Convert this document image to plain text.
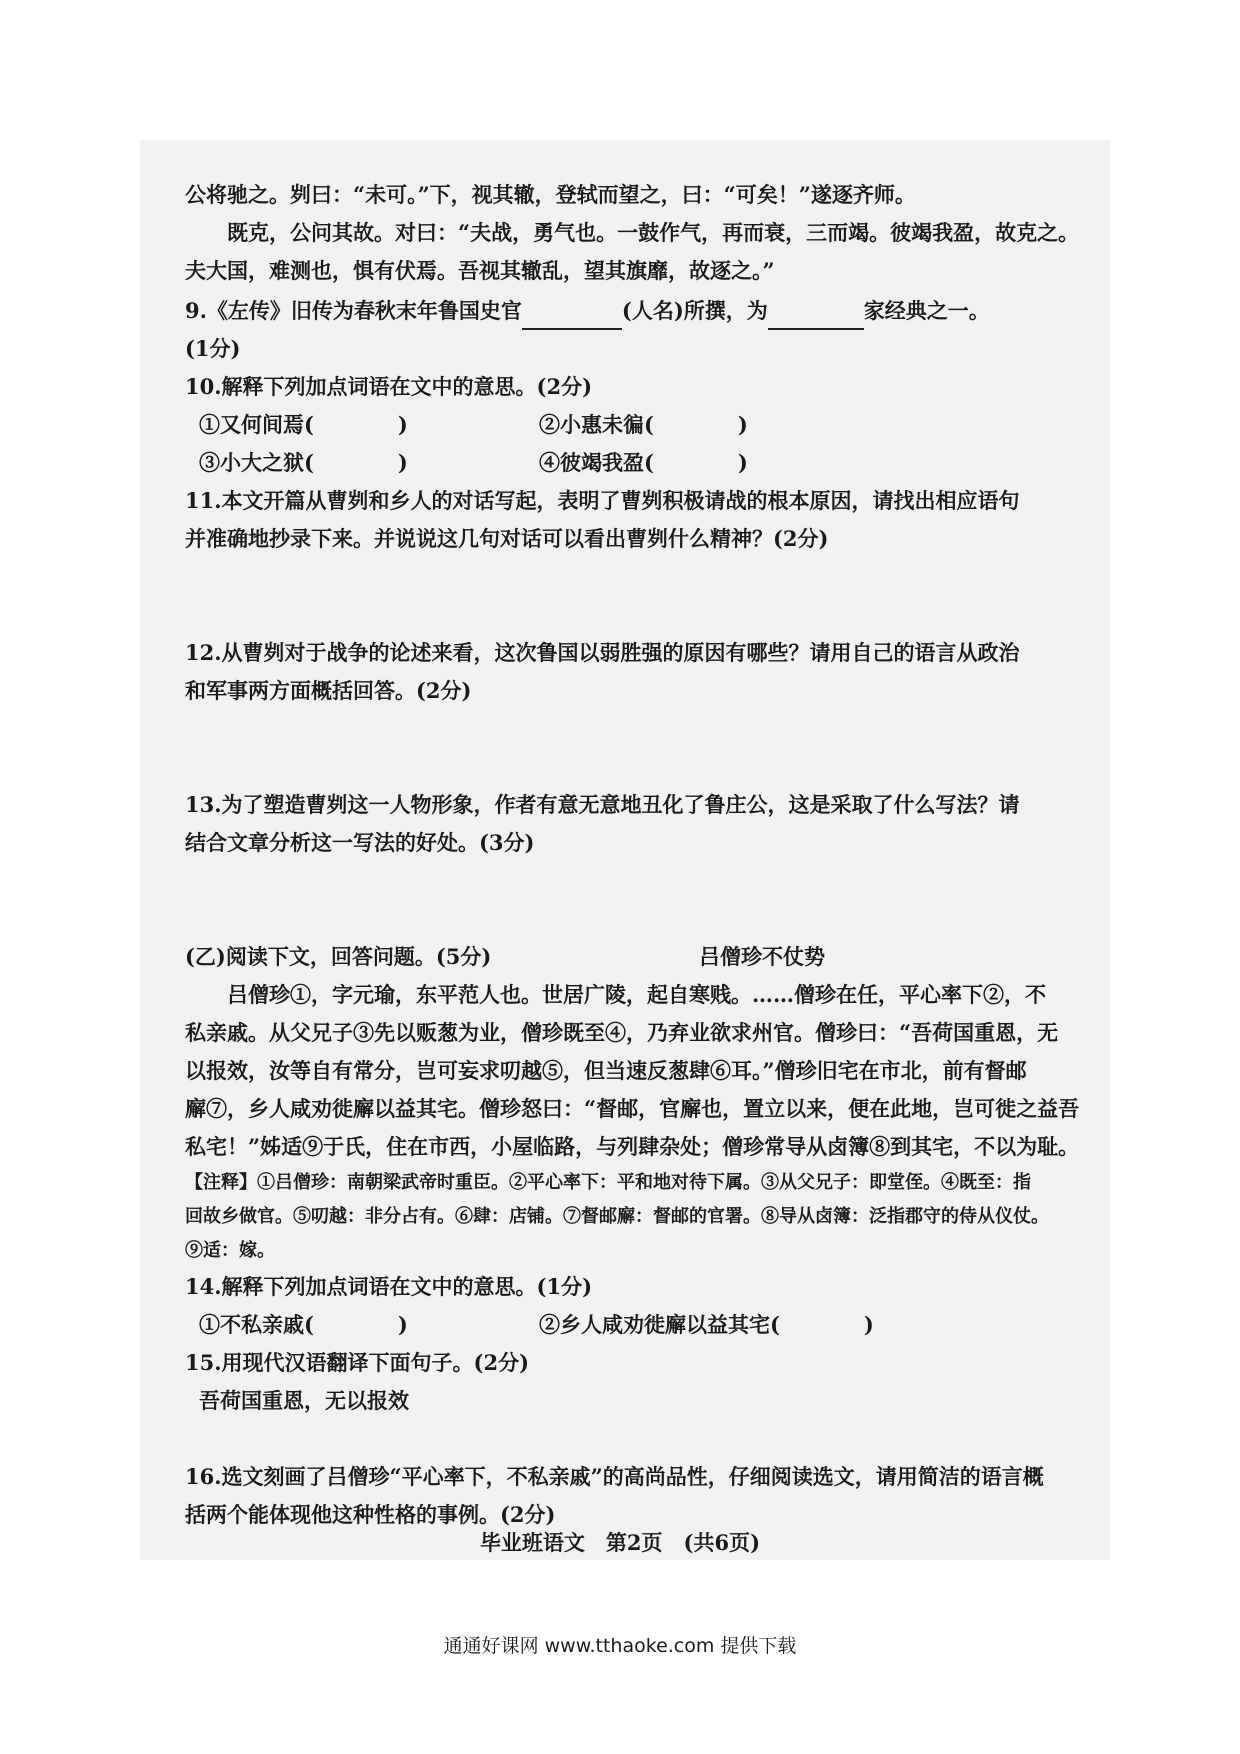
公将驰之。刿曰：“未可。”下，视其辙，登轼而望之，曰：“可矣！”遂逐齐师。

既克，公问其故。对曰：“夫战，勇气也。一鼓作气，再而衰，三而竭。彼竭我盈，故克之。

夫大国，难测也，惧有伏焉。吾视其辙乱，望其旗靡，故逐之。”

9.《左传》旧传为春秋末年鲁国史官	(人名)所撰，为	家经典之一。

(1分)

10.解释下列加点词语在文中的意思。(2分)

①又何间焉(　　　　)	②小惠未徧(　　　　)

③小大之狱(　　　　)	④彼竭我盈(　　　　)

11.本文开篇从曹刿和乡人的对话写起，表明了曹刿积极请战的根本原因，请找出相应语句

并准确地抄录下来。并说说这几句对话可以看出曹刿什么精神？(2分)

12.从曹刿对于战争的论述来看，这次鲁国以弱胜强的原因有哪些？请用自己的语言从政治

和军事两方面概括回答。(2分)

13.为了塑造曹刿这一人物形象，作者有意无意地丑化了鲁庄公，这是采取了什么写法？请

结合文章分析这一写法的好处。(3分)

(乙)阅读下文，回答问题。(5分)	吕僧珍不仗势

吕僧珍①，字元瑜，东平范人也。世居广陵，起自寒贱。……僧珍在任，平心率下②，不

私亲戚。从父兄子③先以贩葱为业，僧珍既至④，乃弃业欲求州官。僧珍曰：“吾荷国重恩，无

以报效，汝等自有常分，岂可妄求叨越⑤，但当速反葱肆⑥耳。”僧珍旧宅在市北，前有督邮

廨⑦，乡人咸劝徙廨以益其宅。僧珍怒曰：“督邮，官廨也，置立以来，便在此地，岂可徙之益吾

私宅！”姊适⑨于氏，住在市西，小屋临路，与列肆杂处；僧珍常导从卤簿⑧到其宅，不以为耻。

【注释】①吕僧珍：南朝梁武帝时重臣。②平心率下：平和地对待下属。③从父兄子：即堂侄。④既至：指

回故乡做官。⑤叨越：非分占有。⑥肆：店铺。⑦督邮廨：督邮的官署。⑧导从卤簿：泛指郡守的侍从仪仗。

⑨适：嫁。

14.解释下列加点词语在文中的意思。(1分)

①不私亲戚(　　　　)	②乡人咸劝徙廨以益其宅(　　　　)

15.用现代汉语翻译下面句子。(2分)

吾荷国重恩，无以报效

16.选文刻画了吕僧珍“平心率下，不私亲戚”的高尚品性，仔细阅读选文，请用简洁的语言概

括两个能体现他这种性格的事例。(2分)

毕业班语文　第2页　(共6页)
通通好课网 www.tthaoke.com 提供下载
